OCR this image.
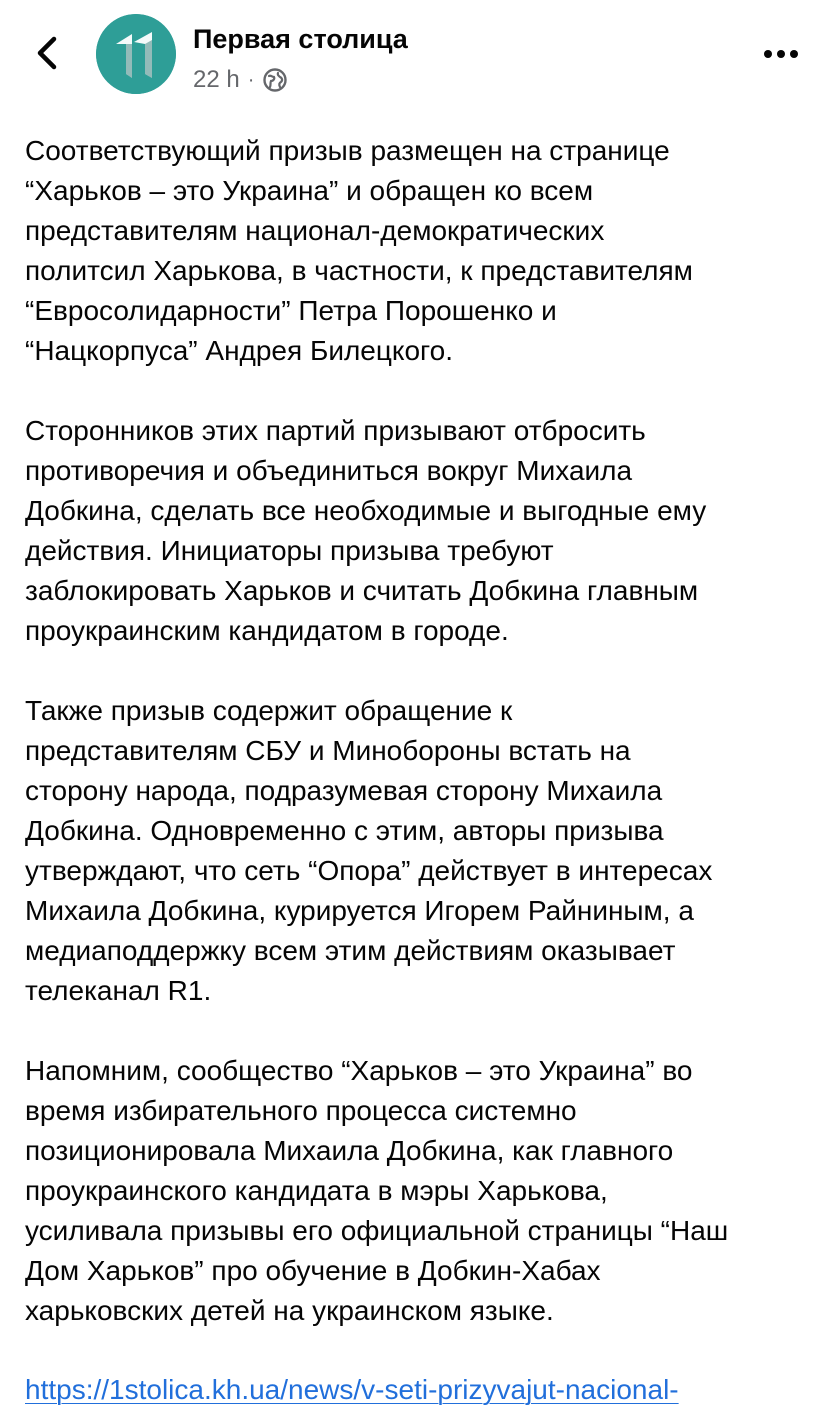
Первая столица
22 h ·

Соответствующий призыв размещен на странице
“Харьков – это Украина” и обращен ко всем
представителям национал-демократических
политсил Харькова, в частности, к представителям
“Евросолидарности” Петра Порошенко и
“Нацкорпуса” Андрея Билецкого.

Сторонников этих партий призывают отбросить
противоречия и объединиться вокруг Михаила
Добкина, сделать все необходимые и выгодные ему
действия. Инициаторы призыва требуют
заблокировать Харьков и считать Добкина главным
проукраинским кандидатом в городе.

Также призыв содержит обращение к
представителям СБУ и Минобороны встать на
сторону народа, подразумевая сторону Михаила
Добкина. Одновременно с этим, авторы призыва
утверждают, что сеть “Опора” действует в интересах
Михаила Добкина, курируется Игорем Райниным, а
медиаподдержку всем этим действиям оказывает
телеканал R1.

Напомним, сообщество “Харьков – это Украина” во
время избирательного процесса системно
позиционировала Михаила Добкина, как главного
проукраинского кандидата в мэры Харькова,
усиливала призывы его официальной страницы “Наш
Дом Харьков” про обучение в Добкин-Хабах
харьковских детей на украинском языке.

https://1stolica.kh.ua/news/v-seti-prizyvajut-nacional-
